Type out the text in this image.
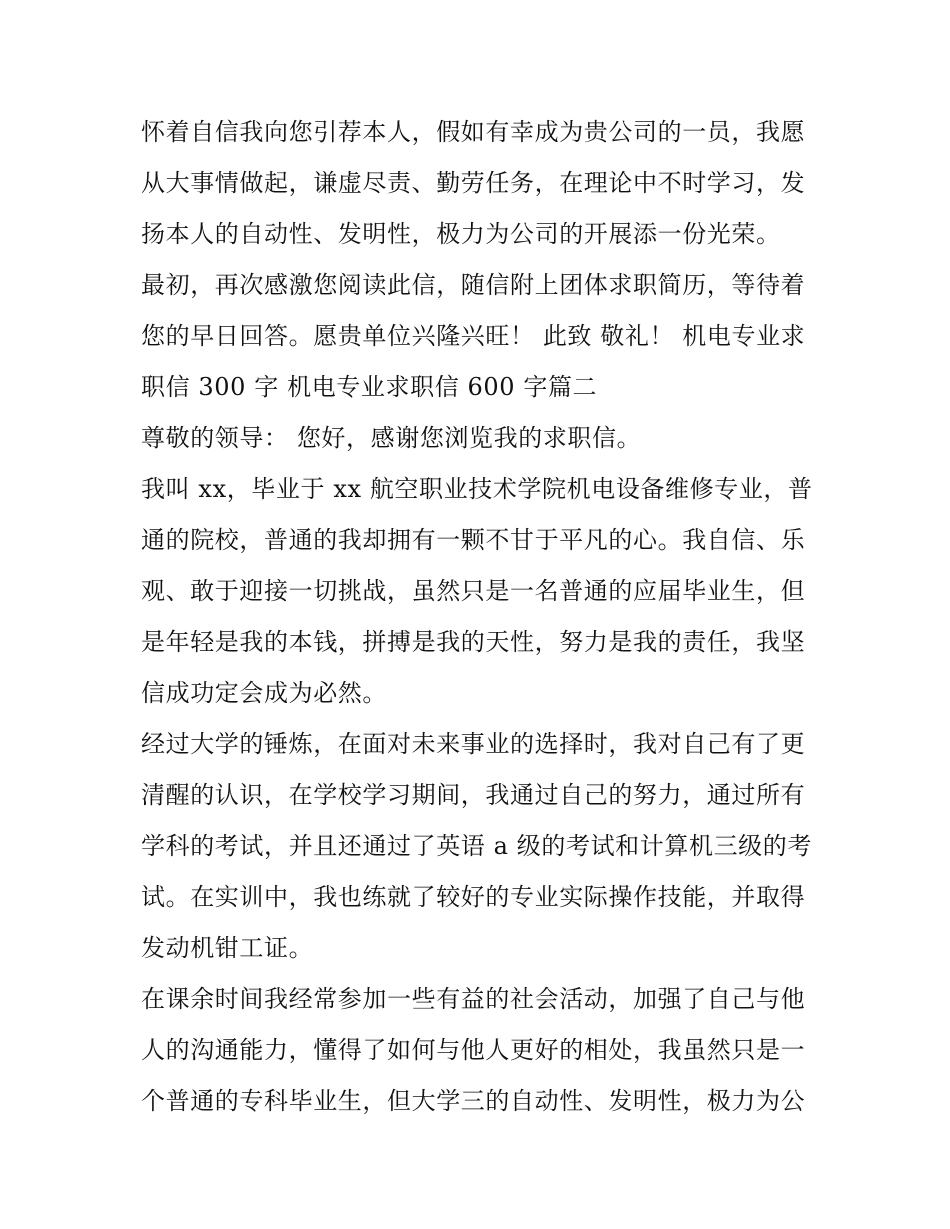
怀着自信我向您引荐本人，假如有幸成为贵公司的一员，我愿
从大事情做起，谦虚尽责、勤劳任务，在理论中不时学习，发
扬本人的自动性、发明性，极力为公司的开展添一份光荣。

最初，再次感激您阅读此信，随信附上团体求职简历，等待着
您的早日回答。愿贵单位兴隆兴旺！ 此致 敬礼！ 机电专业求
职信 300 字 机电专业求职信 600 字篇二

尊敬的领导： 您好，感谢您浏览我的求职信。

我叫 xx，毕业于 xx 航空职业技术学院机电设备维修专业，普
通的院校，普通的我却拥有一颗不甘于平凡的心。我自信、乐
观、敢于迎接一切挑战，虽然只是一名普通的应届毕业生，但
是年轻是我的本钱，拼搏是我的天性，努力是我的责任，我坚
信成功定会成为必然。

经过大学的锤炼，在面对未来事业的选择时，我对自己有了更
清醒的认识，在学校学习期间，我通过自己的努力，通过所有
学科的考试，并且还通过了英语 a 级的考试和计算机三级的考
试。在实训中，我也练就了较好的专业实际操作技能，并取得
发动机钳工证。

在课余时间我经常参加一些有益的社会活动，加强了自己与他
人的沟通能力，懂得了如何与他人更好的相处，我虽然只是一
个普通的专科毕业生，但大学三的自动性、发明性，极力为公
